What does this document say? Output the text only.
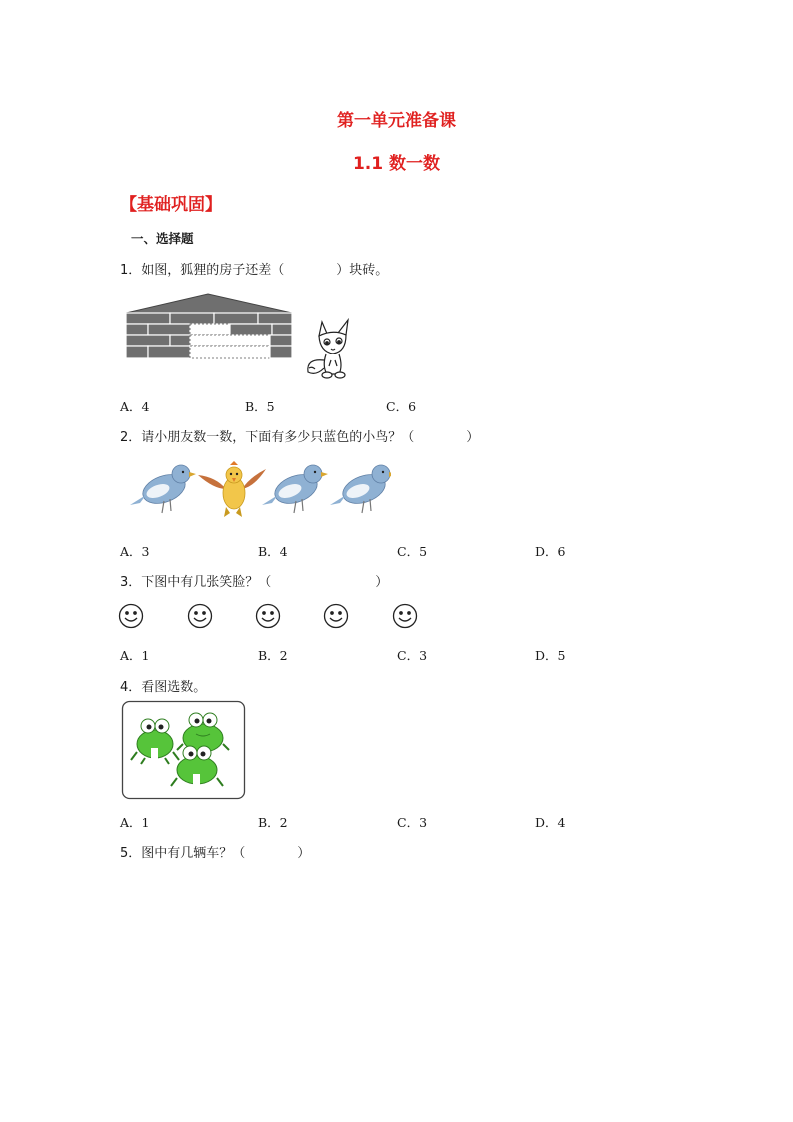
第一单元准备课
1.1 数一数
【基础巩固】
一、选择题
1．如图，狐狸的房子还差（　　　　）块砖。
A．4	B．5	C．6
2．请小朋友数一数，下面有多少只蓝色的小鸟？（　　　　）
A．3	B．4	C．5	D．6
3．下图中有几张笑脸？（　　　　　　　　）
A．1	B．2	C．3	D．5
4．看图选数。
A．1	B．2	C．3	D．4
5．图中有几辆车？（　　　　）
